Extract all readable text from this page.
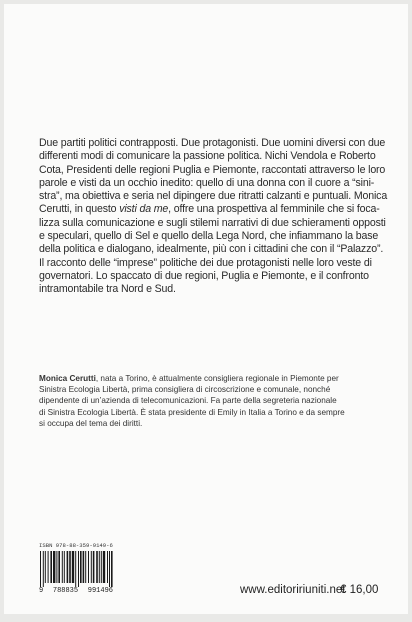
Due partiti politici contrapposti. Due protagonisti. Due uomini diversi con due
differenti modi di comunicare la passione politica. Nichi Vendola e Roberto
Cota, Presidenti delle regioni Puglia e Piemonte, raccontati attraverso le loro
parole e visti da un occhio inedito: quello di una donna con il cuore a “sini-
stra”, ma obiettiva e seria nel dipingere due ritratti calzanti e puntuali. Monica
Cerutti, in questo visti da me, offre una prospettiva al femminile che si foca-
lizza sulla comunicazione e sugli stilemi narrativi di due schieramenti opposti
e speculari, quello di Sel e quello della Lega Nord, che infiammano la base
della politica e dialogano, idealmente, più con i cittadini che con il “Palazzo”.
Il racconto delle “imprese” politiche dei due protagonisti nelle loro veste di
governatori. Lo spaccato di due regioni, Puglia e Piemonte, e il confronto
intramontabile tra Nord e Sud.
Monica Cerutti, nata a Torino, è attualmente consigliera regionale in Piemonte per
Sinistra Ecologia Libertà, prima consigliera di circoscrizione e comunale, nonché
dipendente di un’azienda di telecomunicazioni. Fa parte della segreteria nazionale
di Sinistra Ecologia Libertà. È stata presidente di Emily in Italia a Torino e da sempre
si occupa del tema dei diritti.
ISBN 978-88-359-9149-6
9 788835 991496	www.editoririuniti.net
€ 16,00
